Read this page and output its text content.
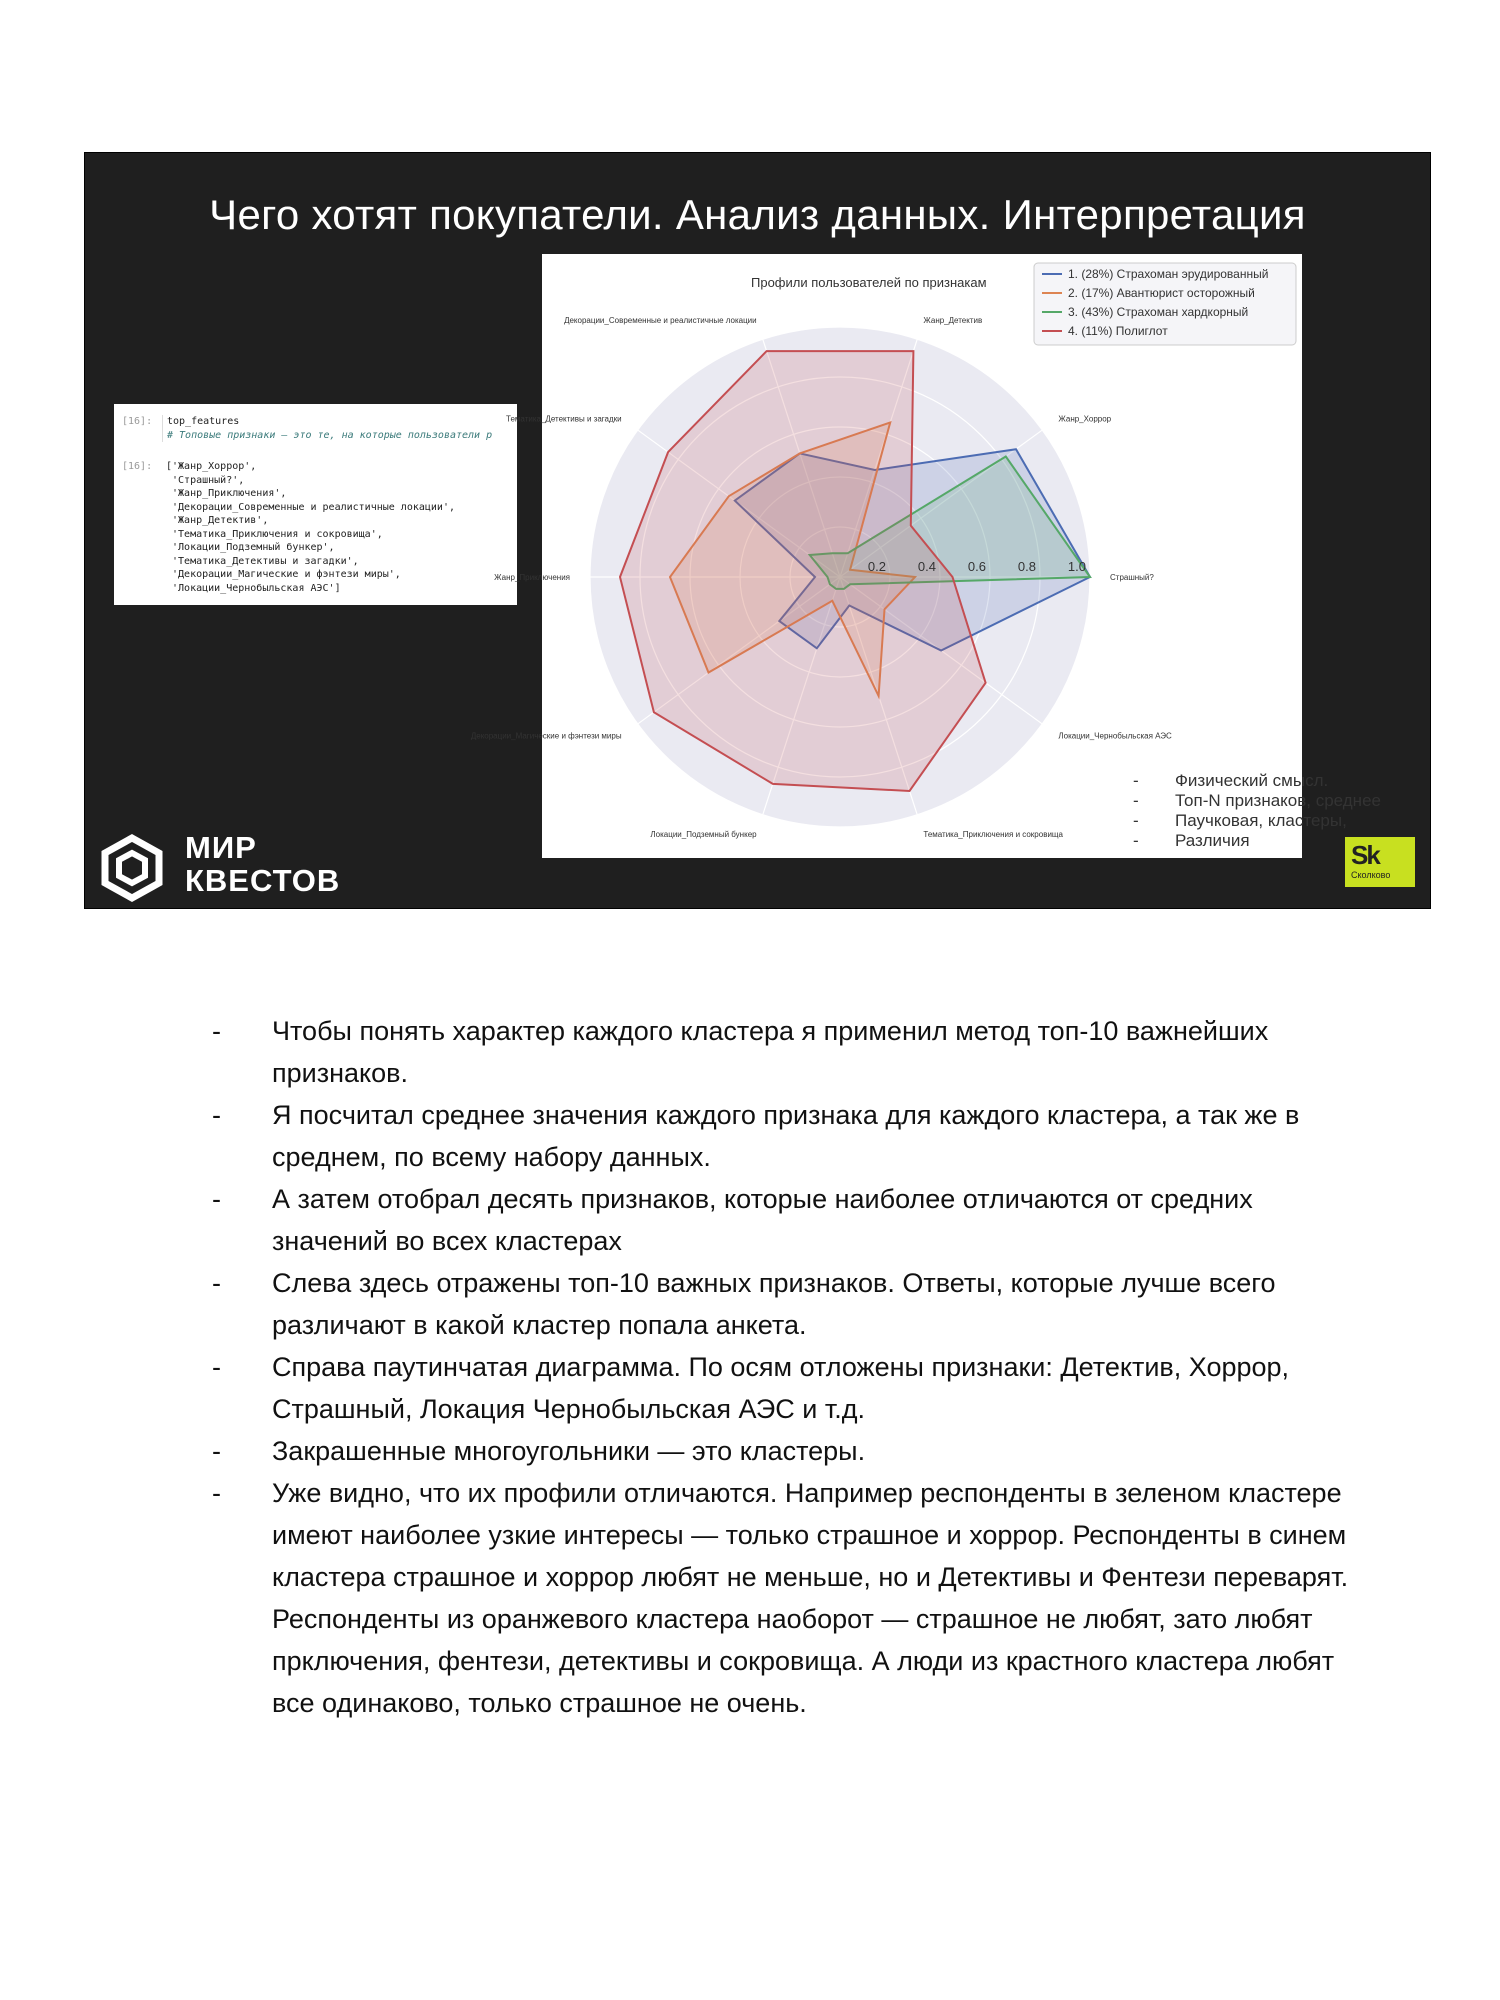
Чего хотят покупатели. Анализ данных. Интерпретация
[16]:	top_features
# Топовые признаки — это те, на которые пользователи р
[16]: ['Жанр_Хоррор',
'Страшный?',
'Жанр_Приключения',
'Декорации_Современные и реалистичные локации',
'Жанр_Детектив',
'Тематика_Приключения и сокровища',
'Локации_Подземный бункер',
'Тематика_Детективы и загадки',
'Декорации_Магические и фэнтези миры',
'Локации_Чернобыльская АЭС']
0.2 0.4 0.6 0.8 1.0
Страшный?
Жанр_Хоррор
Жанр_Детектив
Декорации_Современные и реалистичные локации
Тематика_Детективы и загадки
Жанр_Приключения
Декорации_Магические и фэнтези миры
Локации_Подземный бункер	Тематика_Приключения и сокровища
Локации_Чернобыльская АЭС
Профили пользователей по признакам
1. (28%) Страхоман эрудированный
2. (17%) Авантюрист осторожный
3. (43%) Страхоман хардкорный
4. (11%) Полиглот
- Физический смысл.
- Топ-N признаков, среднее
- Паучковая, кластеры,
- Различия
МИР
КВЕСТОВ
Sk
Сколково
- Чтобы понять характер каждого кластера я применил метод топ-10 важнейших признаков.
- Я посчитал среднее значения каждого признака для каждого кластера, а так же в среднем, по всему набору данных.
- А затем отобрал десять признаков, которые наиболее отличаются от средних значений во всех кластерах
- Слева здесь отражены топ-10 важных признаков. Ответы, которые лучше всего различают в какой кластер попала анкета.
- Справа паутинчатая диаграмма. По осям отложены признаки: Детектив, Хоррор, Страшный, Локация Чернобыльская АЭС и т.д.
- Закрашенные многоугольники — это кластеры.
- Уже видно, что их профили отличаются. Например респонденты в зеленом кластере имеют наиболее узкие интересы — только страшное и хоррор. Респонденты в синем кластера страшное и хоррор любят не меньше, но и Детективы и Фентези переварят. Респонденты из оранжевого кластера наоборот — страшное не любят, зато любят прключения, фентези, детективы и сокровища. А люди из крастного кластера любят все одинаково, только страшное не очень.
